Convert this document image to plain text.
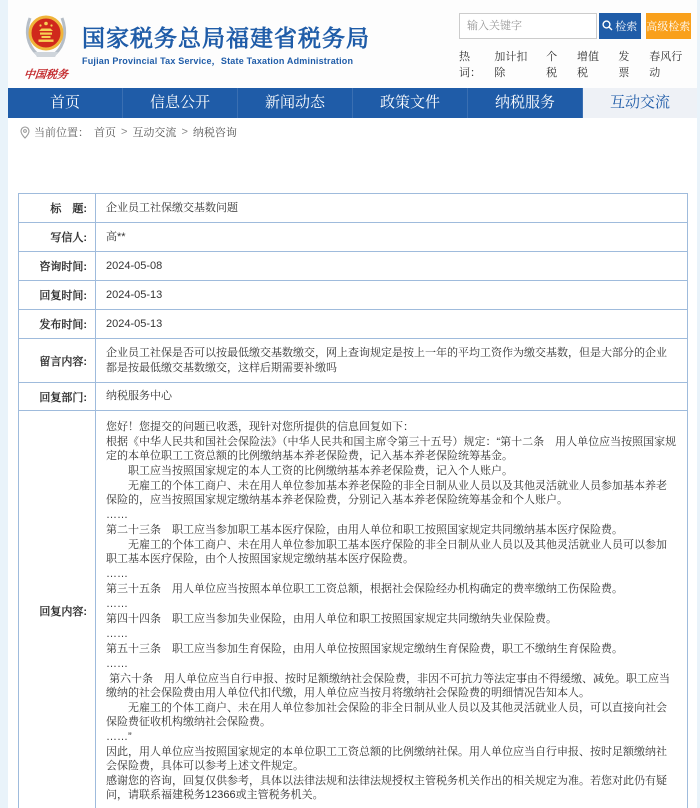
中国税务
国家税务总局福建省税务局
Fujian Provincial Tax Service，State Taxation Administration
输入关键字
检索 高级检索
热词：
加计扣除
个税
增值税
发票
春风行动
首页	信息公开	新闻动态	政策文件	纳税服务	互动交流
当前位置： 首页 > 互动交流 > 纳税咨询
标　题:	企业员工社保缴交基数问题
写信人:	高**
咨询时间:	2024-05-08
回复时间:	2024-05-13
发布时间:	2024-05-13
留言内容:	企业员工社保是否可以按最低缴交基数缴交，网上查询规定是按上一年的平均工资作为缴交基数，但是大部分的企业都是按最低缴交基数缴交，这样后期需要补缴吗
回复部门:	纳税服务中心
回复内容:	

您好！您提交的问题已收悉，现针对您所提供的信息回复如下：

根据《中华人民共和国社会保险法》（中华人民共和国主席令第三十五号）规定：“第十二条　用人单位应当按照国家规定的本单位职工工资总额的比例缴纳基本养老保险费，记入基本养老保险统筹基金。

　　职工应当按照国家规定的本人工资的比例缴纳基本养老保险费，记入个人账户。

　　无雇工的个体工商户、未在用人单位参加基本养老保险的非全日制从业人员以及其他灵活就业人员参加基本养老保险的，应当按照国家规定缴纳基本养老保险费，分别记入基本养老保险统筹基金和个人账户。

……

第二十三条　职工应当参加职工基本医疗保险，由用人单位和职工按照国家规定共同缴纳基本医疗保险费。

　　无雇工的个体工商户、未在用人单位参加职工基本医疗保险的非全日制从业人员以及其他灵活就业人员可以参加职工基本医疗保险，由个人按照国家规定缴纳基本医疗保险费。

……

第三十五条　用人单位应当按照本单位职工工资总额，根据社会保险经办机构确定的费率缴纳工伤保险费。

……

第四十四条　职工应当参加失业保险，由用人单位和职工按照国家规定共同缴纳失业保险费。

……

第五十三条　职工应当参加生育保险，由用人单位按照国家规定缴纳生育保险费，职工不缴纳生育保险费。

……

第六十条　用人单位应当自行申报、按时足额缴纳社会保险费，非因不可抗力等法定事由不得缓缴、减免。职工应当缴纳的社会保险费由用人单位代扣代缴，用人单位应当按月将缴纳社会保险费的明细情况告知本人。

　　无雇工的个体工商户、未在用人单位参加社会保险的非全日制从业人员以及其他灵活就业人员，可以直接向社会保险费征收机构缴纳社会保险费。

……”

因此，用人单位应当按照国家规定的本单位职工工资总额的比例缴纳社保。用人单位应当自行申报、按时足额缴纳社会保险费，具体可以参考上述文件规定。

感谢您的咨询，回复仅供参考，具体以法律法规和法律法规授权主管税务机关作出的相关规定为准。若您对此仍有疑问，请联系福建税务12366或主管税务机关。
